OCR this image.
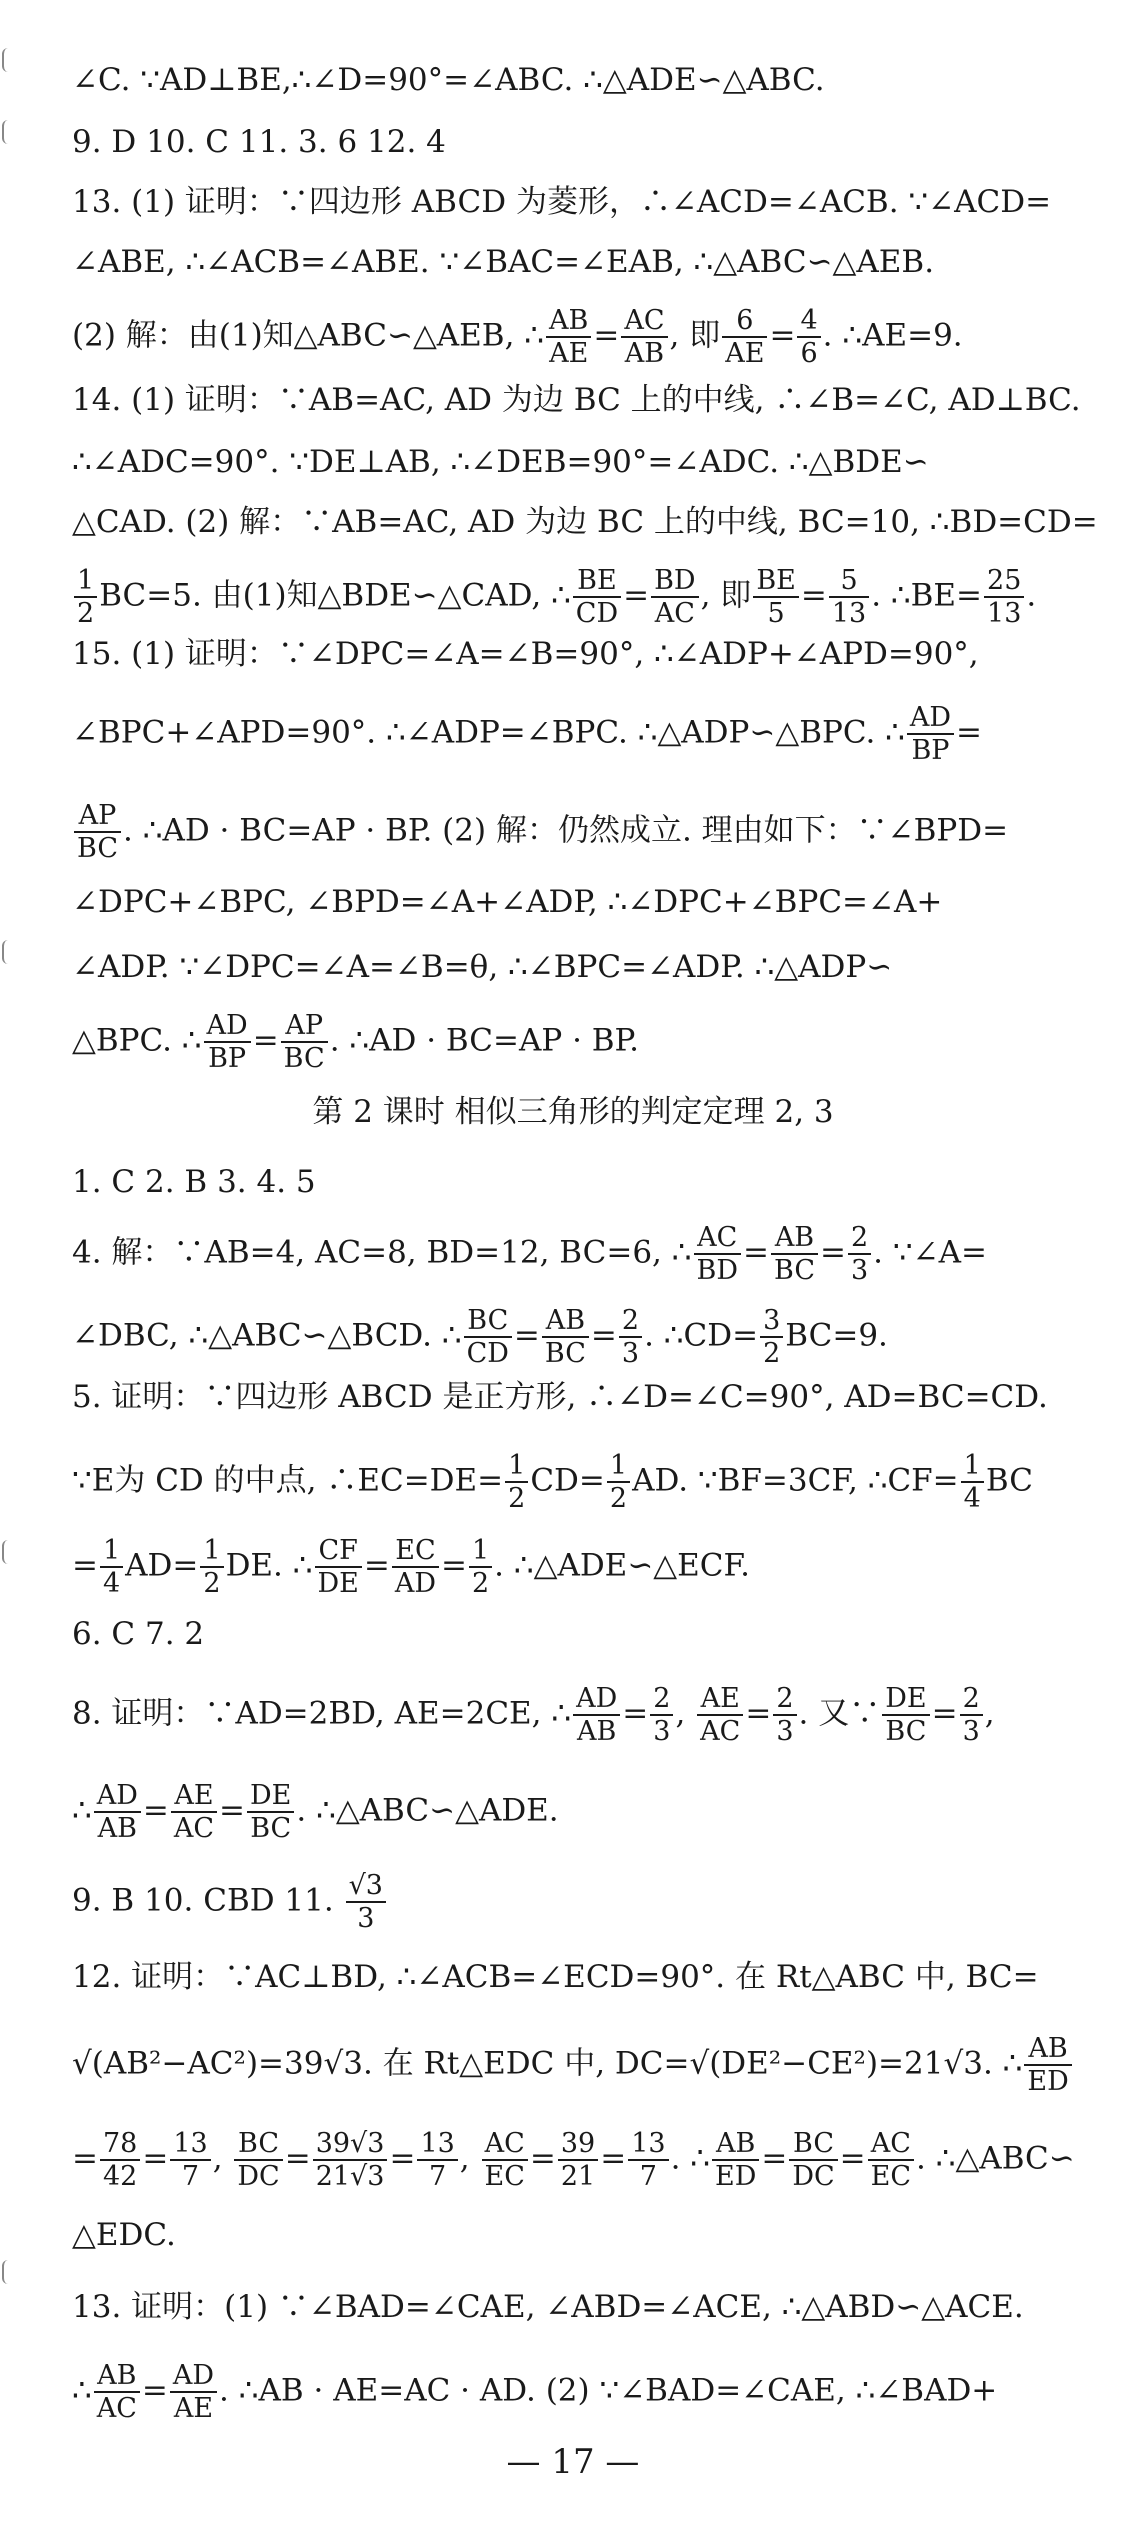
∠C. ∵AD⊥BE,∴∠D=90°=∠ABC. ∴△ADE∽△ABC.
9. D 10. C 11. 3. 6 12. 4
13. (1) 证明：∵四边形 ABCD 为菱形，∴∠ACD=∠ACB. ∵∠ACD=
∠ABE, ∴∠ACB=∠ABE. ∵∠BAC=∠EAB, ∴△ABC∽△AEB.
(2) 解：由(1)知△ABC∽△AEB, ∴ $\frac{AB}{AE} = \frac{AC}{AB}$ , 即 $\frac{6}{AE} = \frac{4}{6}$ . ∴AE=9.
14. (1) 证明：∵AB=AC, AD 为边 BC 上的中线, ∴∠B=∠C, AD⊥BC.
∴∠ADC=90°. ∵DE⊥AB, ∴∠DEB=90°=∠ADC. ∴△BDE∽
△CAD. (2) 解：∵AB=AC, AD 为边 BC 上的中线, BC=10, ∴BD=CD=
$\frac{1}{2} BC=5$. 由(1)知△BDE∽△CAD, ∴ $\frac{BE}{CD} = \frac{BD}{AC}$ , 即 $\frac{BE}{5} = \frac{5}{13}$ . ∴BE= $\frac{25}{13}$ .
15. (1) 证明：∵∠DPC=∠A=∠B=90°, ∴∠ADP+∠APD=90°,
∠BPC+∠APD=90°. ∴∠ADP=∠BPC. ∴△ADP∽△BPC. ∴ $\frac{AD}{BP}$ =
$\frac{AP}{BC}$ . ∴AD · BC=AP · BP. (2) 解：仍然成立. 理由如下：∵∠BPD=
∠DPC+∠BPC, ∠BPD=∠A+∠ADP, ∴∠DPC+∠BPC=∠A+
∠ADP. ∵∠DPC=∠A=∠B=θ, ∴∠BPC=∠ADP. ∴△ADP∽
△BPC. ∴ $\frac{AD}{BP} = \frac{AP}{BC}$ . ∴AD · BC=AP · BP.
1. C 2. B 3. 4. 5
4. 解：∵AB=4, AC=8, BD=12, BC=6, ∴ $\frac{AC}{BD} = \frac{AB}{BC} = \frac{2}{3}$ . ∵∠A=
∠DBC, ∴△ABC∽△BCD. ∴ $\frac{BC}{CD} = \frac{AB}{BC} = \frac{2}{3}$ . ∴CD= $\frac{3}{2} BC=9$.
5. 证明：∵四边形 ABCD 是正方形, ∴∠D=∠C=90°, AD=BC=CD.
∵E为 CD 的中点, ∴EC=DE= $\frac{1}{2} CD= \frac{1}{2}$ AD. ∵BF=3CF, ∴CF= $\frac{1}{4}$ BC
= $\frac{1}{4} AD= \frac{1}{2}$ DE. ∴ $\frac{CF}{DE} = \frac{EC}{AD} = \frac{1}{2}$ . ∴△ADE∽△ECF.
6. C 7. 2
8. 证明：∵AD=2BD, AE=2CE, ∴ $\frac{AD}{AB} = \frac{2}{3}$ , $\frac{AE}{AC} = \frac{2}{3}$ . 又∵ $\frac{DE}{BC} = \frac{2}{3}$ ,
∴ $\frac{AD}{AB} = \frac{AE}{AC} = \frac{DE}{BC}$ . ∴△ABC∽△ADE.
9. B 10. CBD 11. $\frac{√3}{3}$
12. 证明：∵AC⊥BD, ∴∠ACB=∠ECD=90°. 在 Rt△ABC 中, BC=
√(AB²−AC²)=39√3. 在 Rt△EDC 中, DC=√(DE²−CE²)=21√3. ∴ $\frac{AB}{ED}$
= $\frac{78}{42} = \frac{13}{7}$ , $\frac{BC}{DC} = \frac{39√3}{21√3} = \frac{13}{7}$ , $\frac{AC}{EC} = \frac{39}{21} = \frac{13}{7}$ . ∴ $\frac{AB}{ED} = \frac{BC}{DC} = \frac{AC}{EC}$ . ∴△ABC∽
△EDC.
13. 证明：(1) ∵∠BAD=∠CAE, ∠ABD=∠ACE, ∴△ABD∽△ACE.
∴ $\frac{AB}{AC} = \frac{AD}{AE}$ . ∴AB · AE=AC · AD. (2) ∵∠BAD=∠CAE, ∴∠BAD+
第 2 课时 相似三角形的判定定理 2, 3
— 17 —
